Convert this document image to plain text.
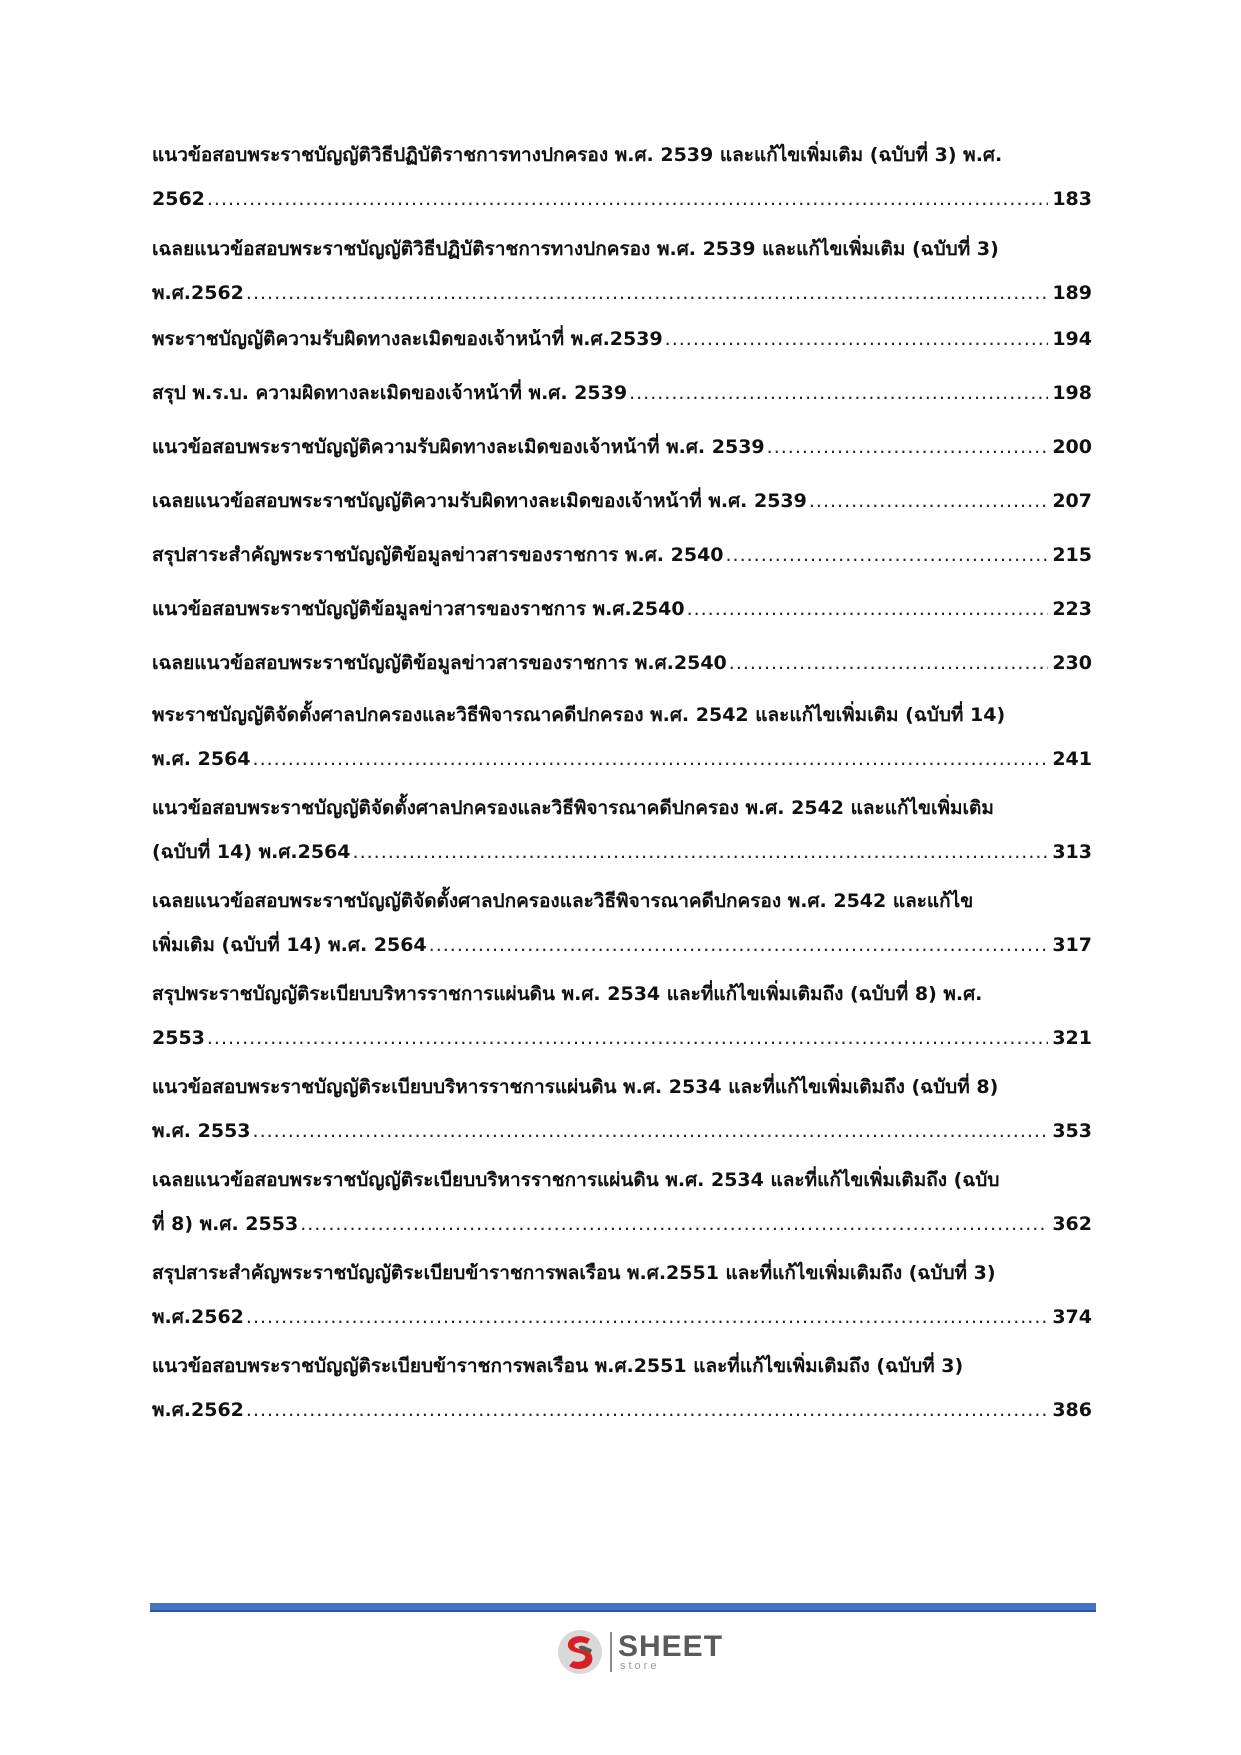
แนวข้อสอบพระราชบัญญัติวิธีปฏิบัติราชการทางปกครอง พ.ศ. 2539 และแก้ไขเพิ่มเติม (ฉบับที่ 3) พ.ศ.
2562 .....	183
เฉลยแนวข้อสอบพระราชบัญญัติวิธีปฏิบัติราชการทางปกครอง พ.ศ. 2539 และแก้ไขเพิ่มเติม (ฉบับที่ 3)
พ.ศ.2562 .....	189
พระราชบัญญัติความรับผิดทางละเมิดของเจ้าหน้าที่ พ.ศ.2539 .....	194
สรุป พ.ร.บ. ความผิดทางละเมิดของเจ้าหน้าที่ พ.ศ. 2539 .....	198
แนวข้อสอบพระราชบัญญัติความรับผิดทางละเมิดของเจ้าหน้าที่ พ.ศ. 2539 .....	200
เฉลยแนวข้อสอบพระราชบัญญัติความรับผิดทางละเมิดของเจ้าหน้าที่ พ.ศ. 2539 .....	207
สรุปสาระสำคัญพระราชบัญญัติข้อมูลข่าวสารของราชการ พ.ศ. 2540 .....	215
แนวข้อสอบพระราชบัญญัติข้อมูลข่าวสารของราชการ พ.ศ.2540 .....	223
เฉลยแนวข้อสอบพระราชบัญญัติข้อมูลข่าวสารของราชการ พ.ศ.2540 .....	230
พระราชบัญญัติจัดตั้งศาลปกครองและวิธีพิจารณาคดีปกครอง พ.ศ. 2542 และแก้ไขเพิ่มเติม (ฉบับที่ 14)
พ.ศ. 2564 .....	241
แนวข้อสอบพระราชบัญญัติจัดตั้งศาลปกครองและวิธีพิจารณาคดีปกครอง พ.ศ. 2542 และแก้ไขเพิ่มเติม
(ฉบับที่ 14) พ.ศ.2564 .....	313
เฉลยแนวข้อสอบพระราชบัญญัติจัดตั้งศาลปกครองและวิธีพิจารณาคดีปกครอง พ.ศ. 2542 และแก้ไข
เพิ่มเติม (ฉบับที่ 14) พ.ศ. 2564 .....	317
สรุปพระราชบัญญัติระเบียบบริหารราชการแผ่นดิน พ.ศ. 2534 และที่แก้ไขเพิ่มเติมถึง (ฉบับที่ 8) พ.ศ.
2553 .....	321
แนวข้อสอบพระราชบัญญัติระเบียบบริหารราชการแผ่นดิน พ.ศ. 2534 และที่แก้ไขเพิ่มเติมถึง (ฉบับที่ 8)
พ.ศ. 2553 .....	353
เฉลยแนวข้อสอบพระราชบัญญัติระเบียบบริหารราชการแผ่นดิน พ.ศ. 2534 และที่แก้ไขเพิ่มเติมถึง (ฉบับ
ที่ 8) พ.ศ. 2553 .....	362
สรุปสาระสำคัญพระราชบัญญัติระเบียบข้าราชการพลเรือน พ.ศ.2551 และที่แก้ไขเพิ่มเติมถึง (ฉบับที่ 3)
พ.ศ.2562 .....	374
แนวข้อสอบพระราชบัญญัติระเบียบข้าราชการพลเรือน พ.ศ.2551 และที่แก้ไขเพิ่มเติมถึง (ฉบับที่ 3)
พ.ศ.2562 .....	386
SHEET
store
